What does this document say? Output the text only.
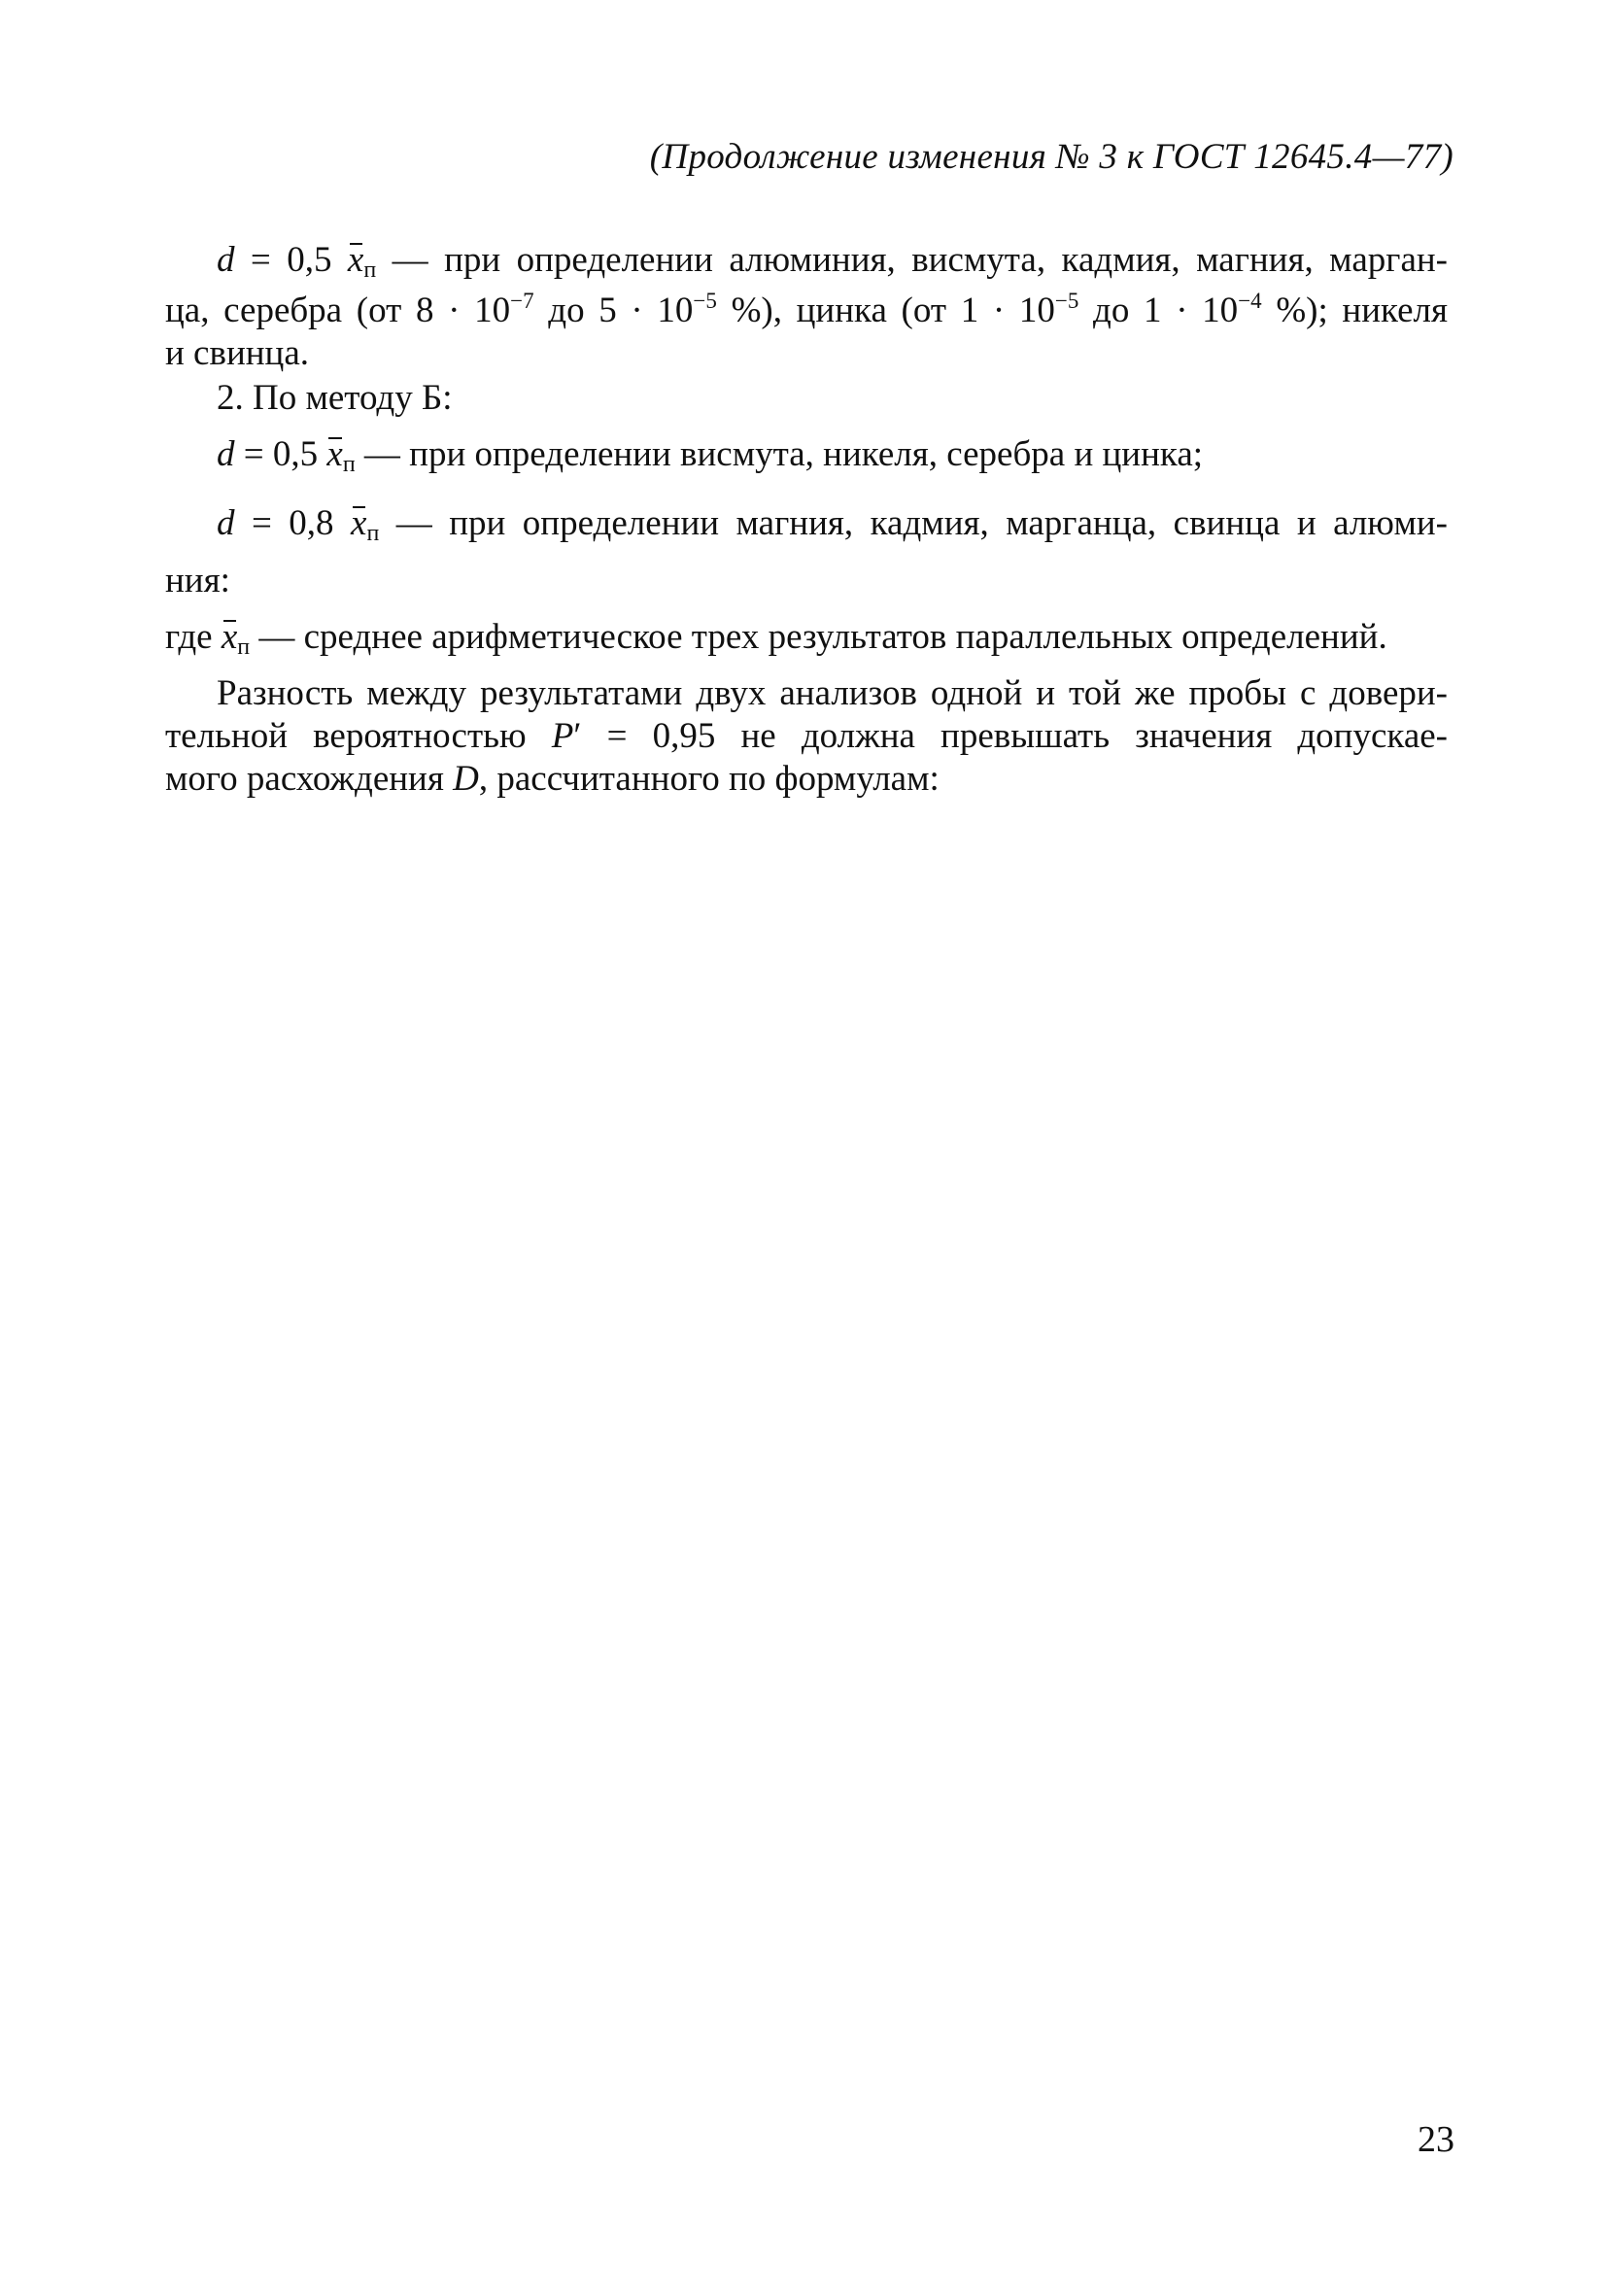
(Продолжение изменения № 3 к ГОСТ 12645.4—77)
d = 0,5 xп — при определении алюминия, висмута, кадмия, магния, марган-
ца, серебра (от $8 \cdot 10^{-7}$ до $5 \cdot 10^{-5}$ %), цинка (от $1 \cdot 10^{-5}$ до $1 \cdot 10^{-4}$ %); никеля
и свинца.
2. По методу Б:
d = 0,5 xп — при определении висмута, никеля, серебра и цинка;
d = 0,8 xп — при определении магния, кадмия, марганца, свинца и алюми-
ния:
где xп — среднее арифметическое трех результатов параллельных определений.
Разность между результатами двух анализов одной и той же пробы с довери-
тельной вероятностью P′ = 0,95 не должна превышать значения допускае-
мого расхождения D, рассчитанного по формулам:
23
